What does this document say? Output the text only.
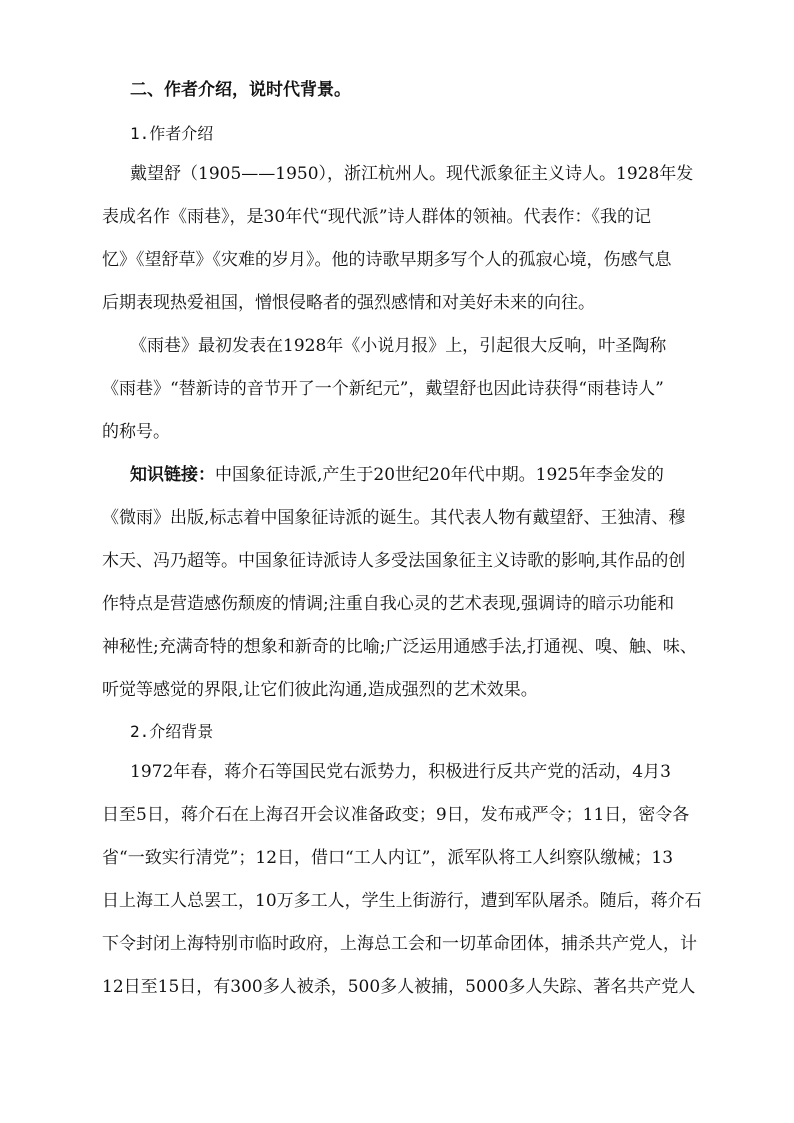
二、作者介绍，说时代背景。
1.作者介绍
戴望舒（1905——1950），浙江杭州人。现代派象征主义诗人。1928年发
表成名作《雨巷》，是30年代“现代派”诗人群体的领袖。代表作：《我的记
忆》《望舒草》《灾难的岁月》。他的诗歌早期多写个人的孤寂心境，伤感气息
后期表现热爱祖国，憎恨侵略者的强烈感情和对美好未来的向往。
《雨巷》最初发表在1928年《小说月报》上，引起很大反响，叶圣陶称
《雨巷》“替新诗的音节开了一个新纪元”，戴望舒也因此诗获得“雨巷诗人”
的称号。
知识链接：中国象征诗派,产生于20世纪20年代中期。1925年李金发的
《微雨》出版,标志着中国象征诗派的诞生。其代表人物有戴望舒、王独清、穆
木天、冯乃超等。中国象征诗派诗人多受法国象征主义诗歌的影响,其作品的创
作特点是营造感伤颓废的情调;注重自我心灵的艺术表现,强调诗的暗示功能和
神秘性;充满奇特的想象和新奇的比喻;广泛运用通感手法,打通视、嗅、触、味、
听觉等感觉的界限,让它们彼此沟通,造成强烈的艺术效果。
2.介绍背景
1972年春，蒋介石等国民党右派势力，积极进行反共产党的活动，4月3
日至5日，蒋介石在上海召开会议准备政变；9日，发布戒严令；11日，密令各
省“一致实行清党”；12日，借口“工人内讧”，派军队将工人纠察队缴械；13
日上海工人总罢工，10万多工人，学生上街游行，遭到军队屠杀。随后，蒋介石
下令封闭上海特别市临时政府，上海总工会和一切革命团体，捕杀共产党人，计
12日至15日，有300多人被杀，500多人被捕，5000多人失踪、著名共产党人
